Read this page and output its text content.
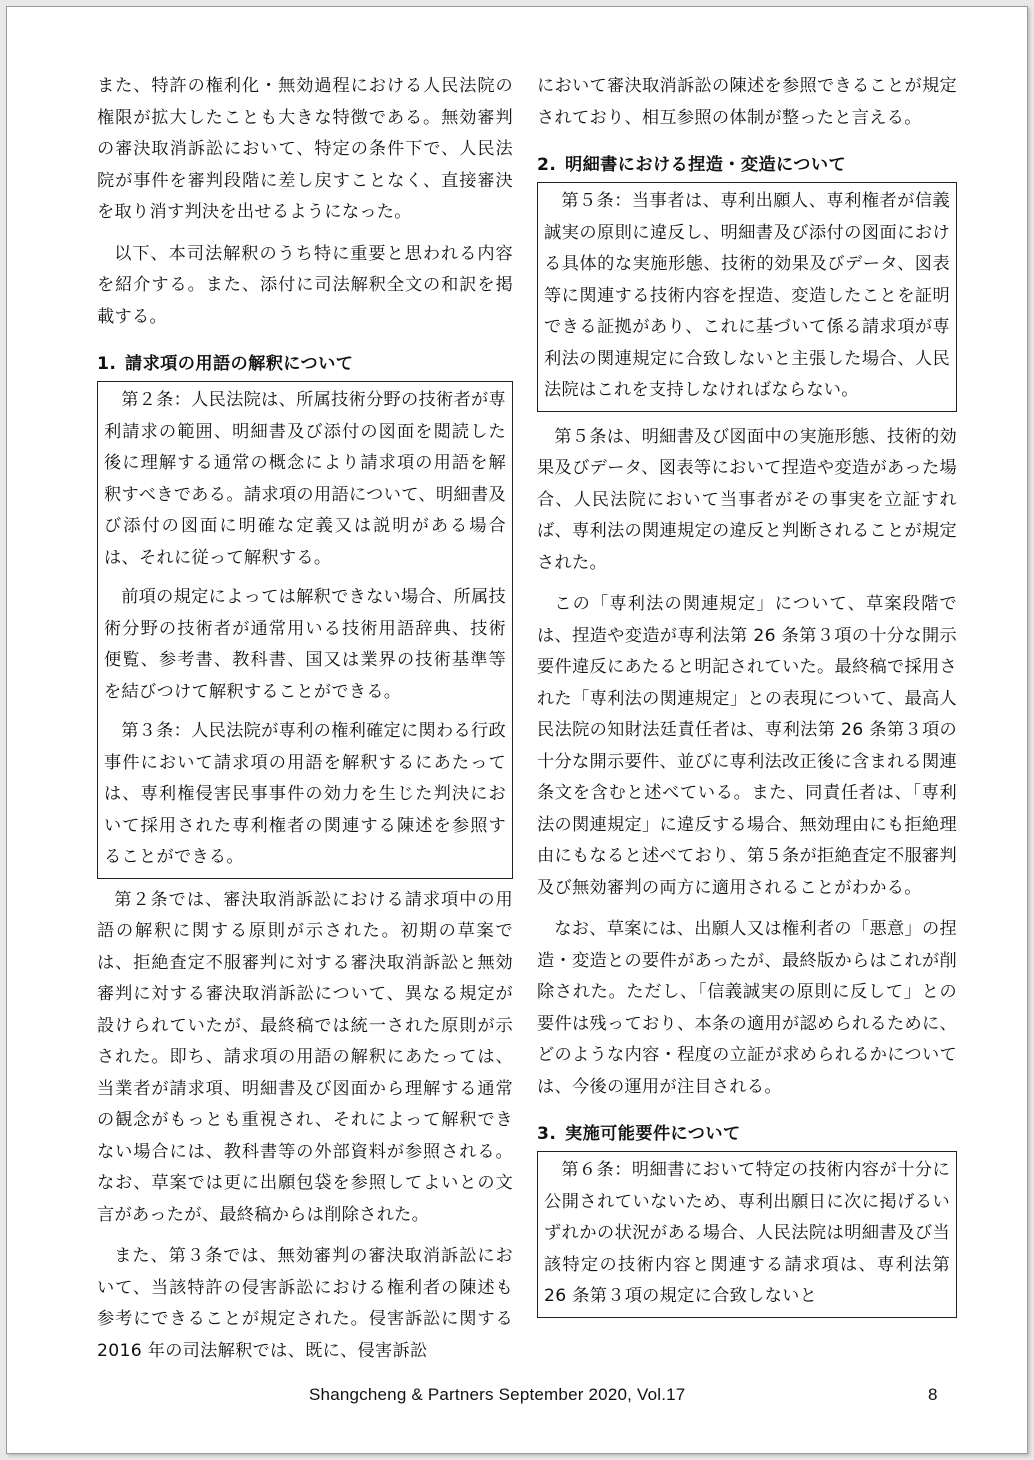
また、特許の権利化・無効過程における人民法院の権限が拡大したことも大きな特徴である。無効審判の審決取消訴訟において、特定の条件下で、人民法院が事件を審判段階に差し戻すことなく、直接審決を取り消す判決を出せるようになった。

以下、本司法解釈のうち特に重要と思われる内容を紹介する。また、添付に司法解釈全文の和訳を掲載する。

1. 請求項の用語の解釈について

第２条：人民法院は、所属技術分野の技術者が専利請求の範囲、明細書及び添付の図面を閲読した後に理解する通常の概念により請求項の用語を解釈すべきである。請求項の用語について、明細書及び添付の図面に明確な定義又は説明がある場合は、それに従って解釈する。

前項の規定によっては解釈できない場合、所属技術分野の技術者が通常用いる技術用語辞典、技術便覧、参考書、教科書、国又は業界の技術基準等を結びつけて解釈することができる。

第３条：人民法院が専利の権利確定に関わる行政事件において請求項の用語を解釈するにあたっては、専利権侵害民事事件の効力を生じた判決において採用された専利権者の関連する陳述を参照することができる。

第２条では、審決取消訴訟における請求項中の用語の解釈に関する原則が示された。初期の草案では、拒絶査定不服審判に対する審決取消訴訟と無効審判に対する審決取消訴訟について、異なる規定が設けられていたが、最終稿では統一された原則が示された。即ち、請求項の用語の解釈にあたっては、当業者が請求項、明細書及び図面から理解する通常の観念がもっとも重視され、それによって解釈できない場合には、教科書等の外部資料が参照される。なお、草案では更に出願包袋を参照してよいとの文言があったが、最終稿からは削除された。

また、第３条では、無効審判の審決取消訴訟において、当該特許の侵害訴訟における権利者の陳述も参考にできることが規定された。侵害訴訟に関する 2016 年の司法解釈では、既に、侵害訴訟

において審決取消訴訟の陳述を参照できることが規定されており、相互参照の体制が整ったと言える。

2. 明細書における捏造・変造について

第５条：当事者は、専利出願人、専利権者が信義誠実の原則に違反し、明細書及び添付の図面における具体的な実施形態、技術的効果及びデータ、図表等に関連する技術内容を捏造、変造したことを証明できる証拠があり、これに基づいて係る請求項が専利法の関連規定に合致しないと主張した場合、人民法院はこれを支持しなければならない。

第５条は、明細書及び図面中の実施形態、技術的効果及びデータ、図表等において捏造や変造があった場合、人民法院において当事者がその事実を立証すれば、専利法の関連規定の違反と判断されることが規定された。

この「専利法の関連規定」について、草案段階では、捏造や変造が専利法第 26 条第３項の十分な開示要件違反にあたると明記されていた。最終稿で採用された「専利法の関連規定」との表現について、最高人民法院の知財法廷責任者は、専利法第 26 条第３項の十分な開示要件、並びに専利法改正後に含まれる関連条文を含むと述べている。また、同責任者は、「専利法の関連規定」に違反する場合、無効理由にも拒絶理由にもなると述べており、第５条が拒絶査定不服審判及び無効審判の両方に適用されることがわかる。

なお、草案には、出願人又は権利者の「悪意」の捏造・変造との要件があったが、最終版からはこれが削除された。ただし、「信義誠実の原則に反して」との要件は残っており、本条の適用が認められるために、どのような内容・程度の立証が求められるかについては、今後の運用が注目される。

3. 実施可能要件について

第６条：明細書において特定の技術内容が十分に公開されていないため、専利出願日に次に掲げるいずれかの状況がある場合、人民法院は明細書及び当該特定の技術内容と関連する請求項は、専利法第 26 条第３項の規定に合致しないと

Shangcheng & Partners September 2020, Vol.17	8
